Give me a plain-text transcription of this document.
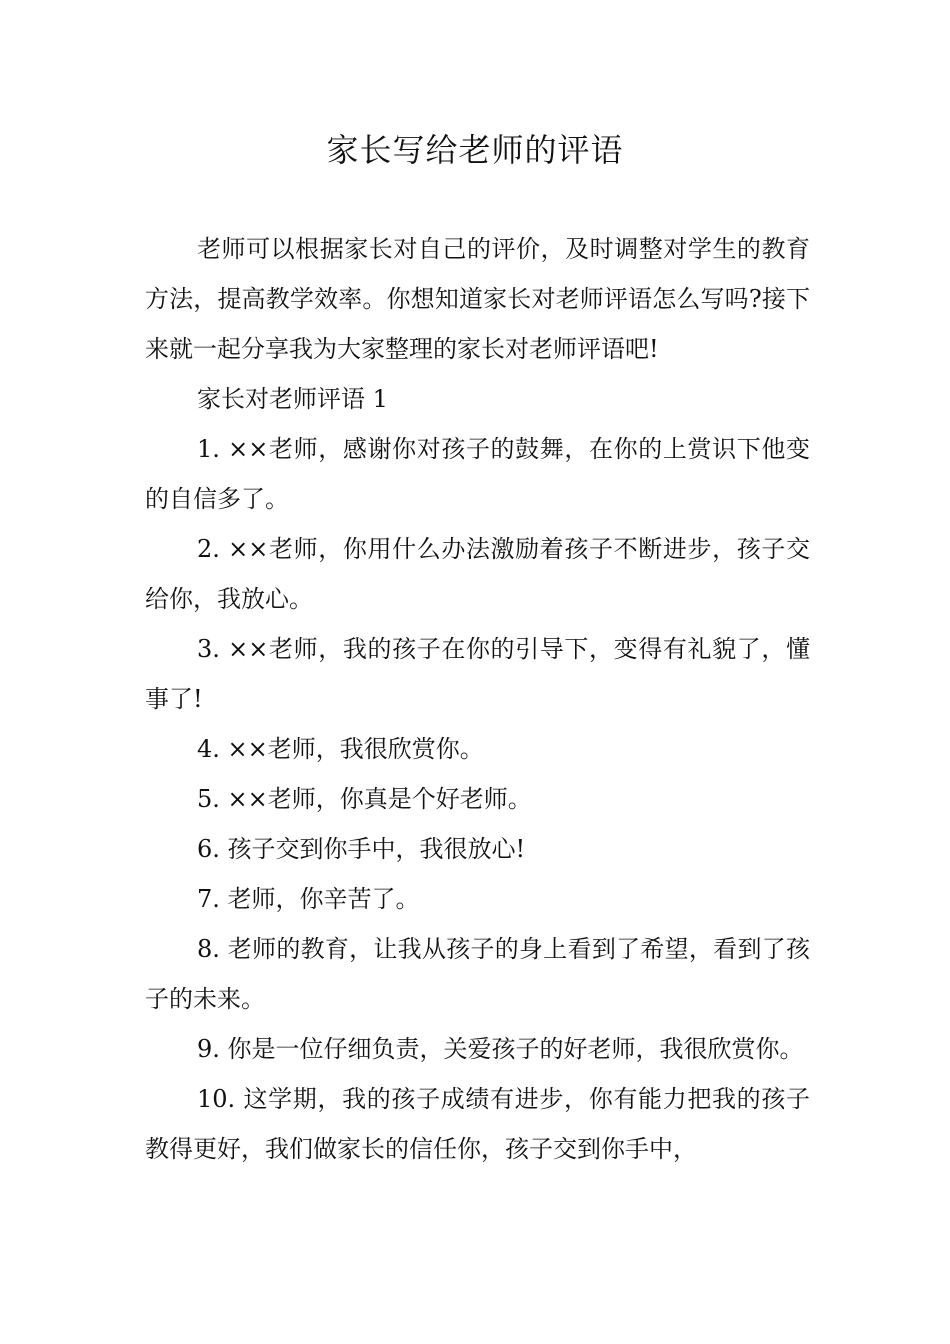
家长写给老师的评语

老师可以根据家长对自己的评价，及时调整对学生的教育方法，提高教学效率。你想知道家长对老师评语怎么写吗?接下来就一起分享我为大家整理的家长对老师评语吧!

家长对老师评语 1

1. ××老师，感谢你对孩子的鼓舞，在你的上赏识下他变的自信多了。

2. ××老师，你用什么办法激励着孩子不断进步，孩子交给你，我放心。

3. ××老师，我的孩子在你的引导下，变得有礼貌了，懂事了!

4. ××老师，我很欣赏你。

5. ××老师，你真是个好老师。

6. 孩子交到你手中，我很放心!

7. 老师，你辛苦了。

8. 老师的教育，让我从孩子的身上看到了希望，看到了孩子的未来。

9. 你是一位仔细负责，关爱孩子的好老师，我很欣赏你。

10. 这学期，我的孩子成绩有进步，你有能力把我的孩子教得更好，我们做家长的信任你，孩子交到你手中，
